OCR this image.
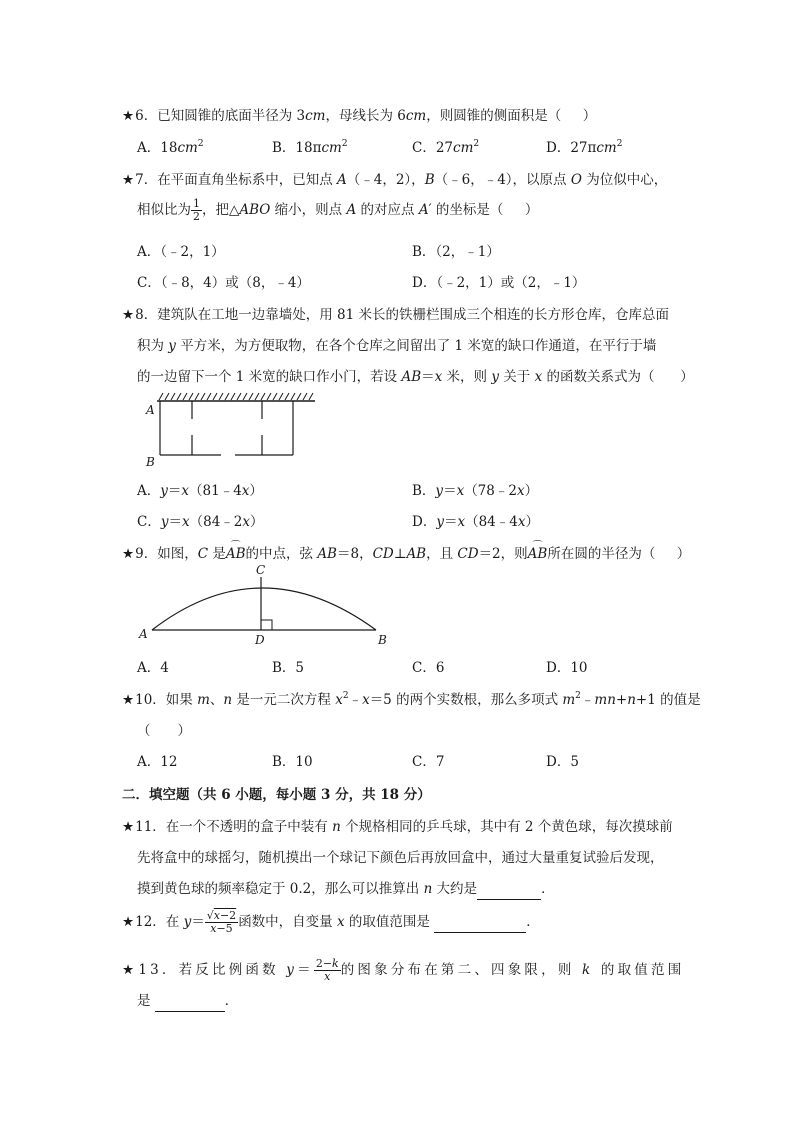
★6．已知圆锥的底面半径为 3cm，母线长为 6cm，则圆锥的侧面积是（     ）
A．$18cm^2$	B．18πcm$^2$	C．$27cm^2$	D．27πcm$^2$
★7．在平面直角坐标系中，已知点 A（﹣4，2），B（﹣6，﹣4），以原点 O 为位似中心，
相似比为 $\frac{1}{2}$ ，把△ABO 缩小，则点 A 的对应点 A′ 的坐标是（     ）
A．（﹣2，1）	B．（2，﹣1）
C．（﹣8，4）或（8，﹣4）	D．（﹣2，1）或（2，﹣1）
★8．建筑队在工地一边靠墙处，用 81 米长的铁栅栏围成三个相连的长方形仓库，仓库总面
积为 y 平方米，为方便取物，在各个仓库之间留出了 1 米宽的缺口作通道，在平行于墙
的一边留下一个 1 米宽的缺口作小门，若设 AB＝x 米，则 y 关于 x 的函数关系式为（      ）
A
B
A．y＝x（81﹣4x）	B．y＝x（78﹣2x）
C．y＝x（84﹣2x）	D．y＝x（84﹣4x）
★9．如图，C 是⌒ AB的中点，弦 AB＝8，CD⊥AB，且 CD＝2，则⌒ AB所在圆的半径为（     ）
A	B
C
D
A．4	B．5	C．6	D．10
★10．如果 m、n 是一元二次方程 $x^2﹣x=5$ 的两个实数根，那么多项式 $m^2﹣mn+n+1$ 的值是
（　　）
A．12	B．10	C．7	D．5
二．填空题（共 6 小题，每小题 3 分，共 18 分）
★11．在一个不透明的盒子中装有 n 个规格相同的乒乓球，其中有 2 个黄色球，每次摸球前
先将盒中的球摇匀，随机摸出一个球记下颜色后再放回盒中，通过大量重复试验后发现，
摸到黄色球的频率稳定于 0.2，那么可以推算出 n 大约是	．
★12．在 $y= \frac{√x-2}{x-5}$ 函数中，自变量 x 的取值范围是	．
★13．若反比例函数 $y= \frac{2-k}{x}$ 的图象分布在第二、四象限，则 k 的取值范围
是	．
